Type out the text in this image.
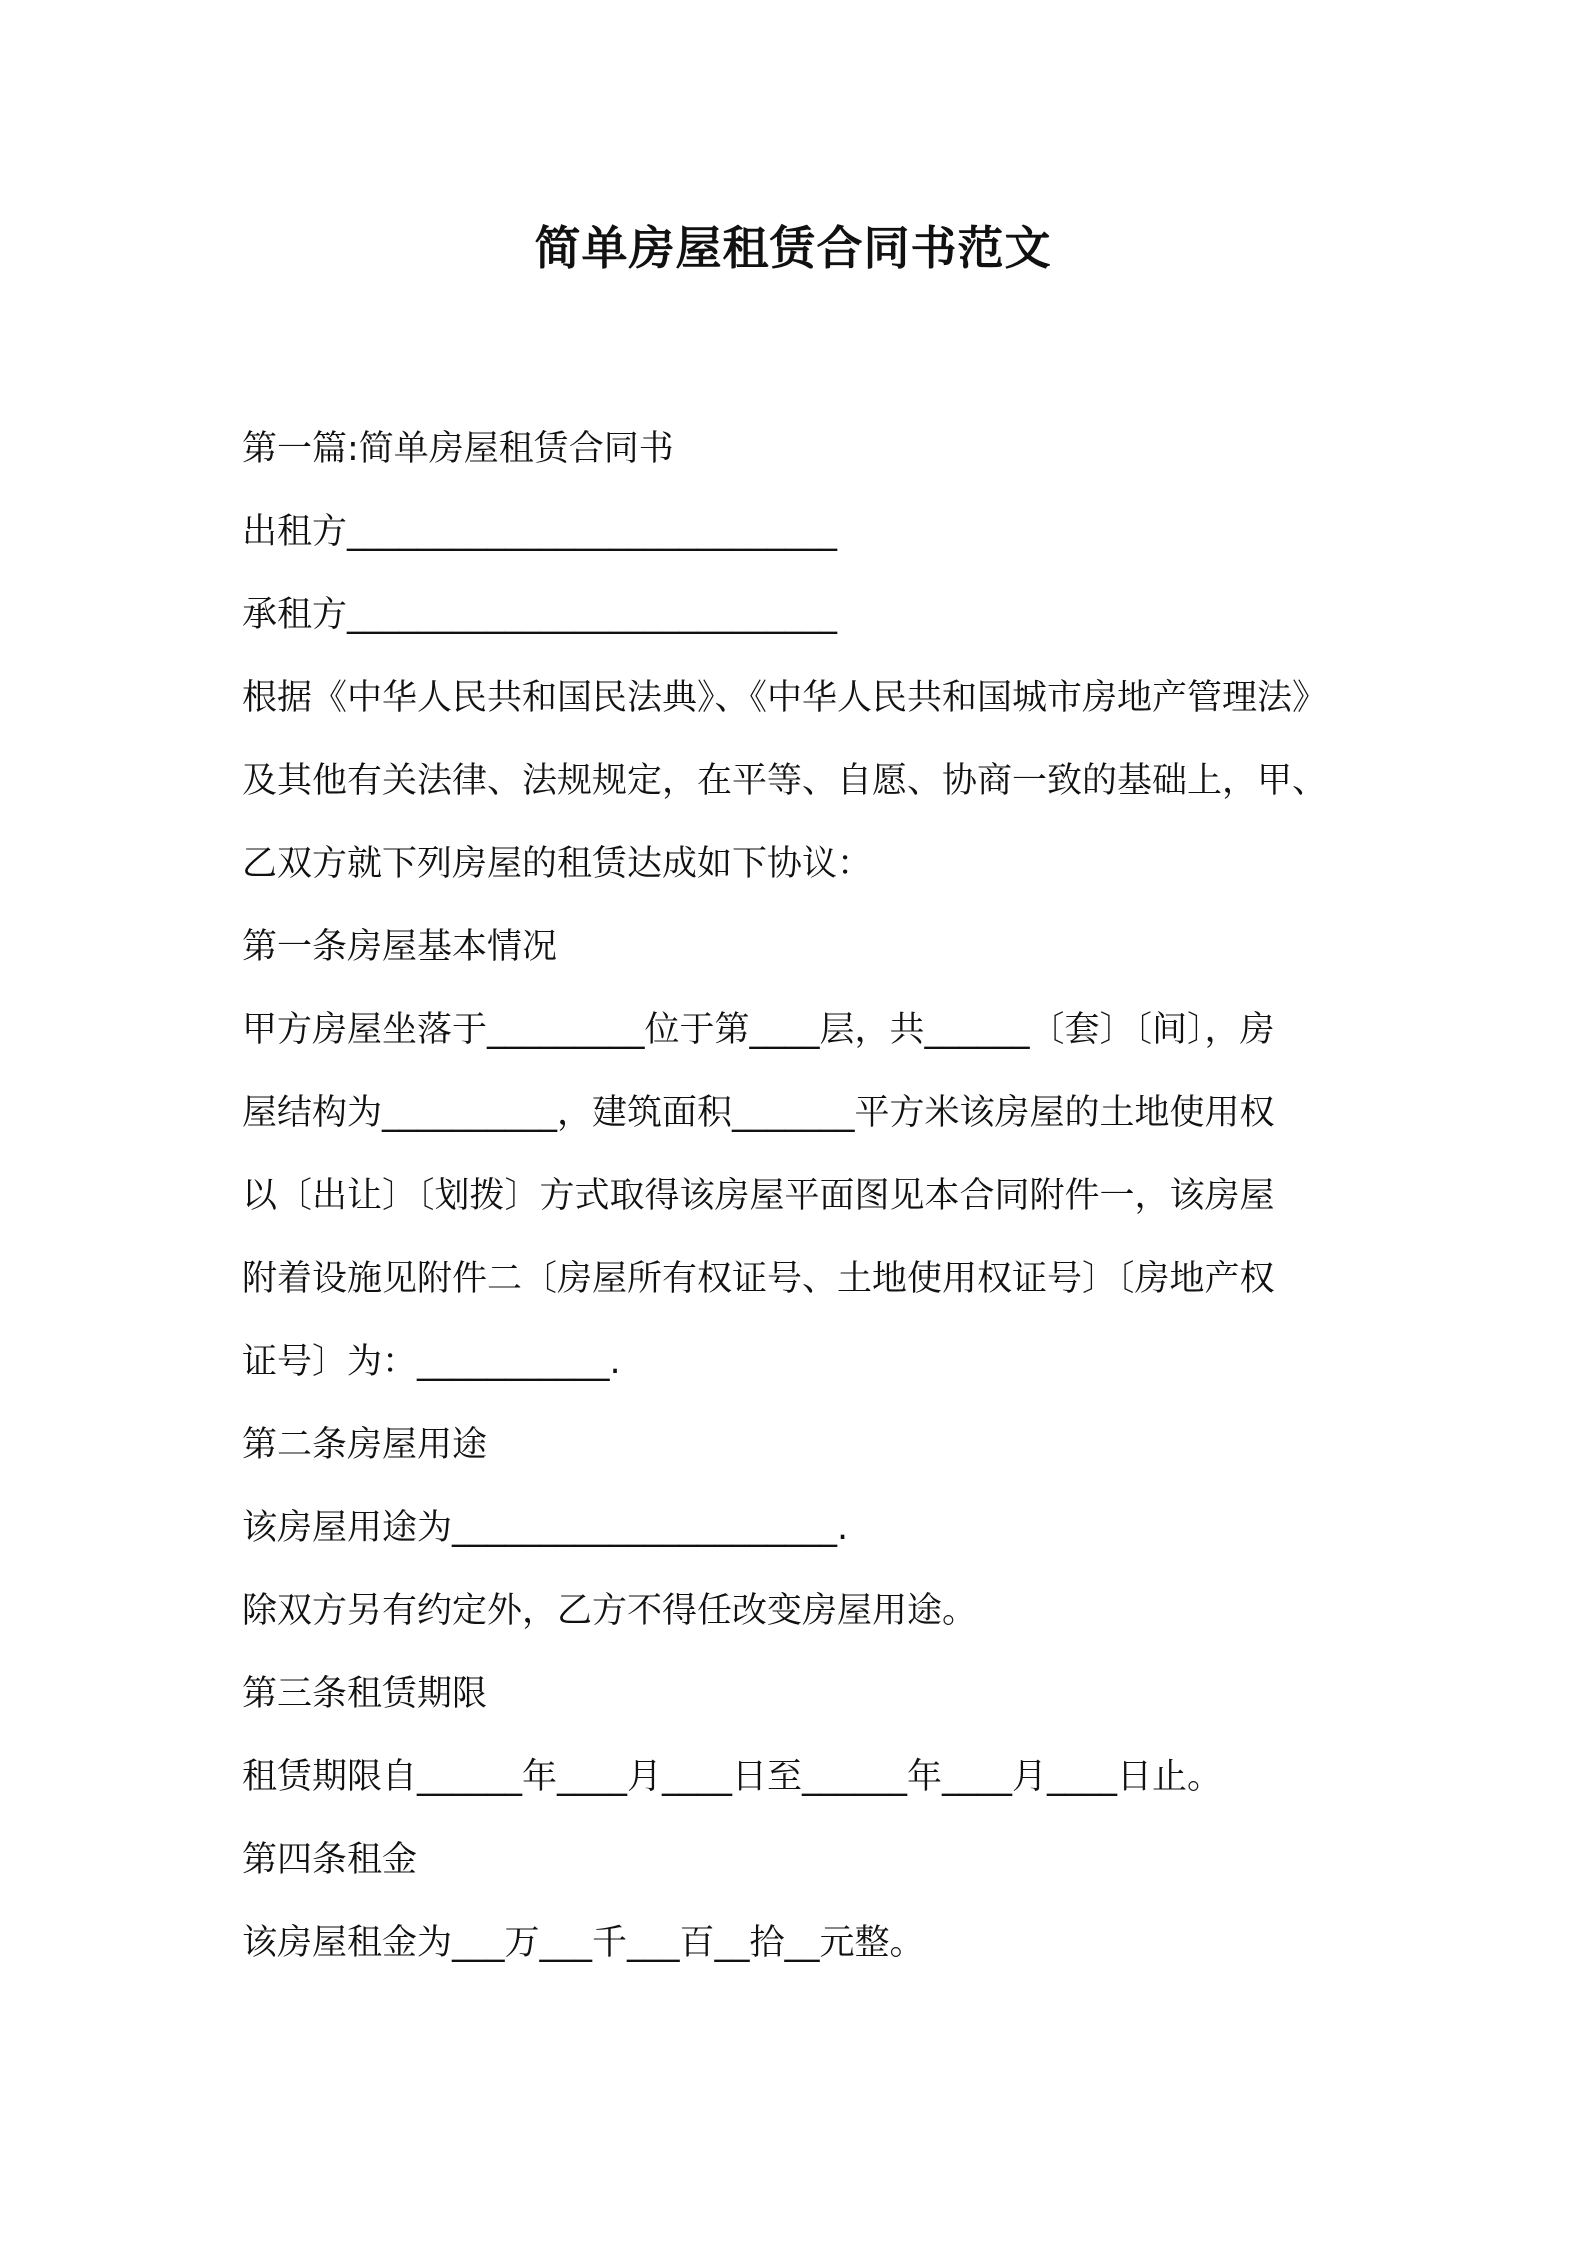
简单房屋租赁合同书范文
第一篇:简单房屋租赁合同书
出租方____________________________
承租方____________________________
根据《中华人民共和国民法典》、《中华人民共和国城市房地产管理法》
及其他有关法律、法规规定，在平等、自愿、协商一致的基础上，甲、
乙双方就下列房屋的租赁达成如下协议：
第一条房屋基本情况
甲方房屋坐落于_________位于第____层，共______〔套〕〔间〕，房
屋结构为__________，建筑面积_______平方米该房屋的土地使用权
以〔出让〕〔划拨〕方式取得该房屋平面图见本合同附件一，该房屋
附着设施见附件二〔房屋所有权证号、土地使用权证号〕〔房地产权
证号〕为：___________.
第二条房屋用途
该房屋用途为______________________.
除双方另有约定外，乙方不得任改变房屋用途。
第三条租赁期限
租赁期限自______年____月____日至______年____月____日止。
第四条租金
该房屋租金为___万___千___百__拾__元整。
